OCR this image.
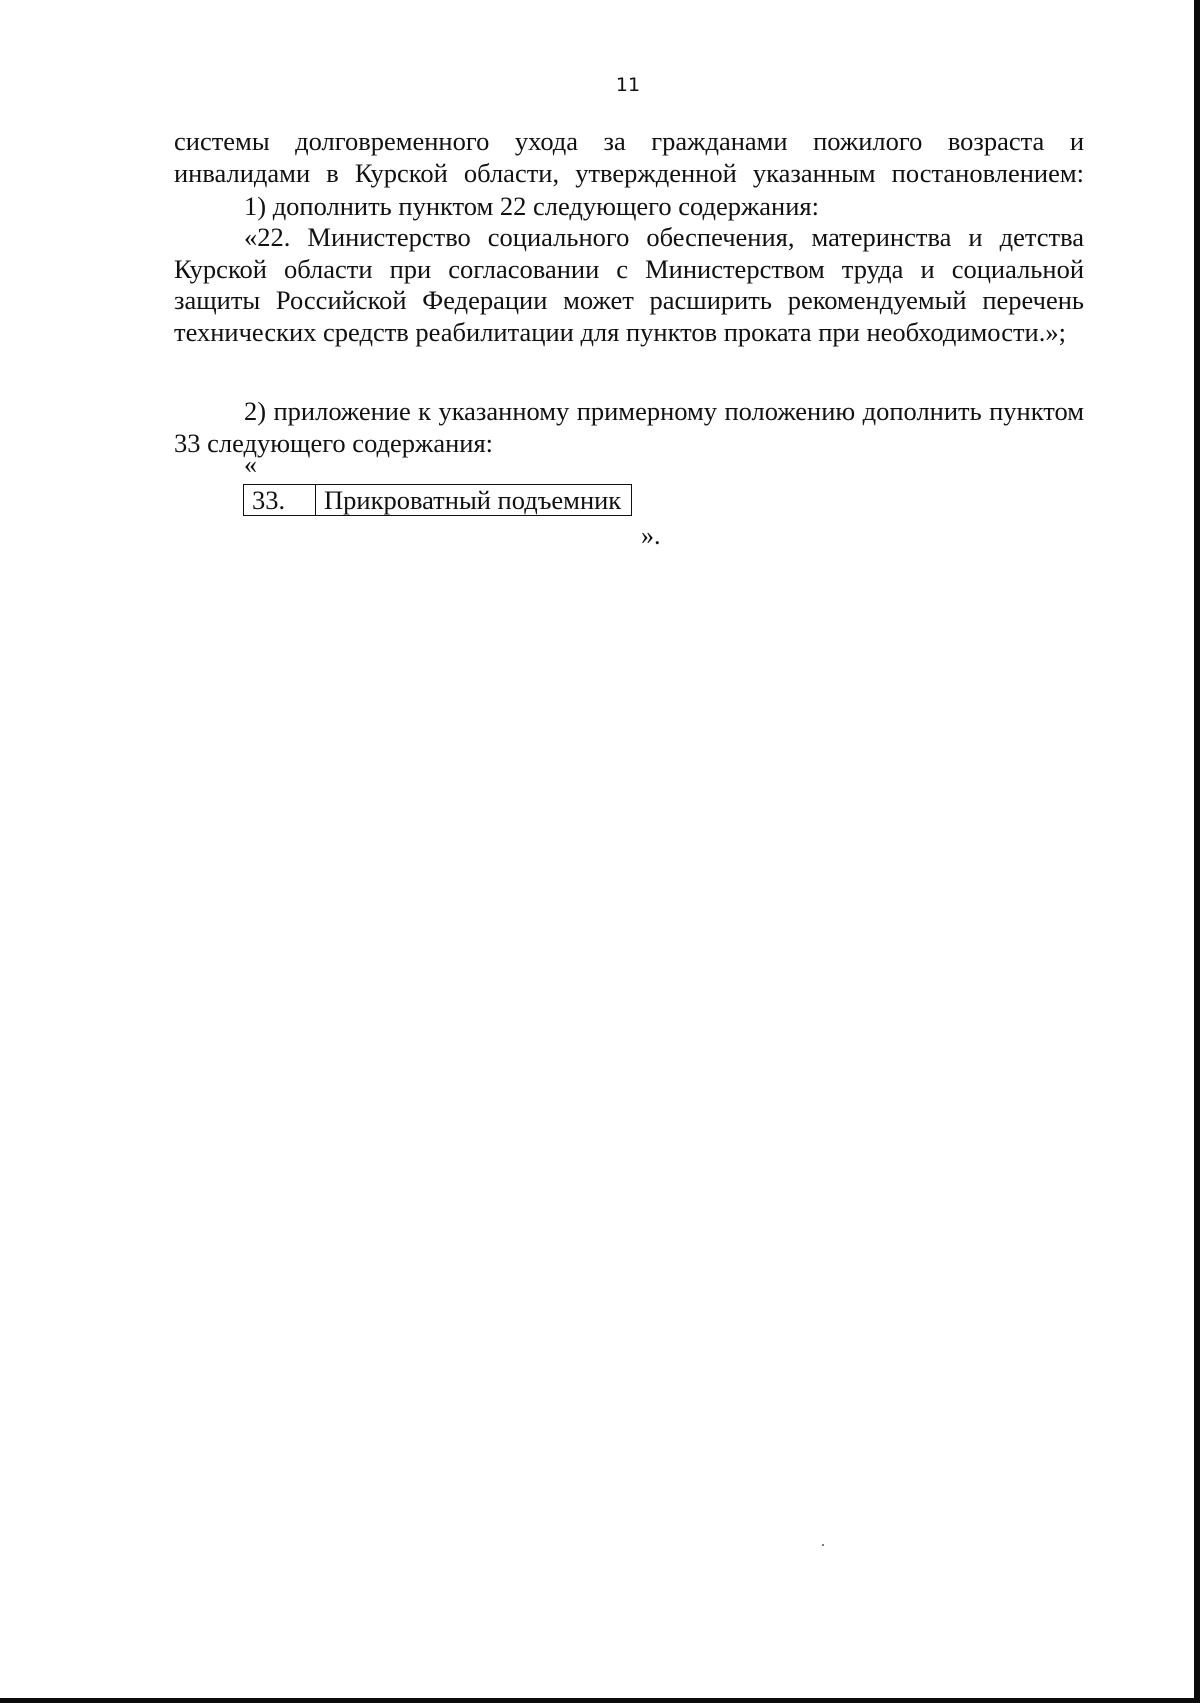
11

системы долговременного ухода за гражданами пожилого возраста и инвалидами в Курской области, утвержденной указанным постановлением:

1) дополнить пунктом 22 следующего содержания:

«22. Министерство социального обеспечения, материнства и детства Курской области при согласовании с Министерством труда и социальной защиты Российской Федерации может расширить рекомендуемый перечень технических средств реабилитации для пунктов проката при необходимости.»;

2) приложение к указанному примерному положению дополнить пунктом 33 следующего содержания:

«
33.	Прикроватный подъемник
».
